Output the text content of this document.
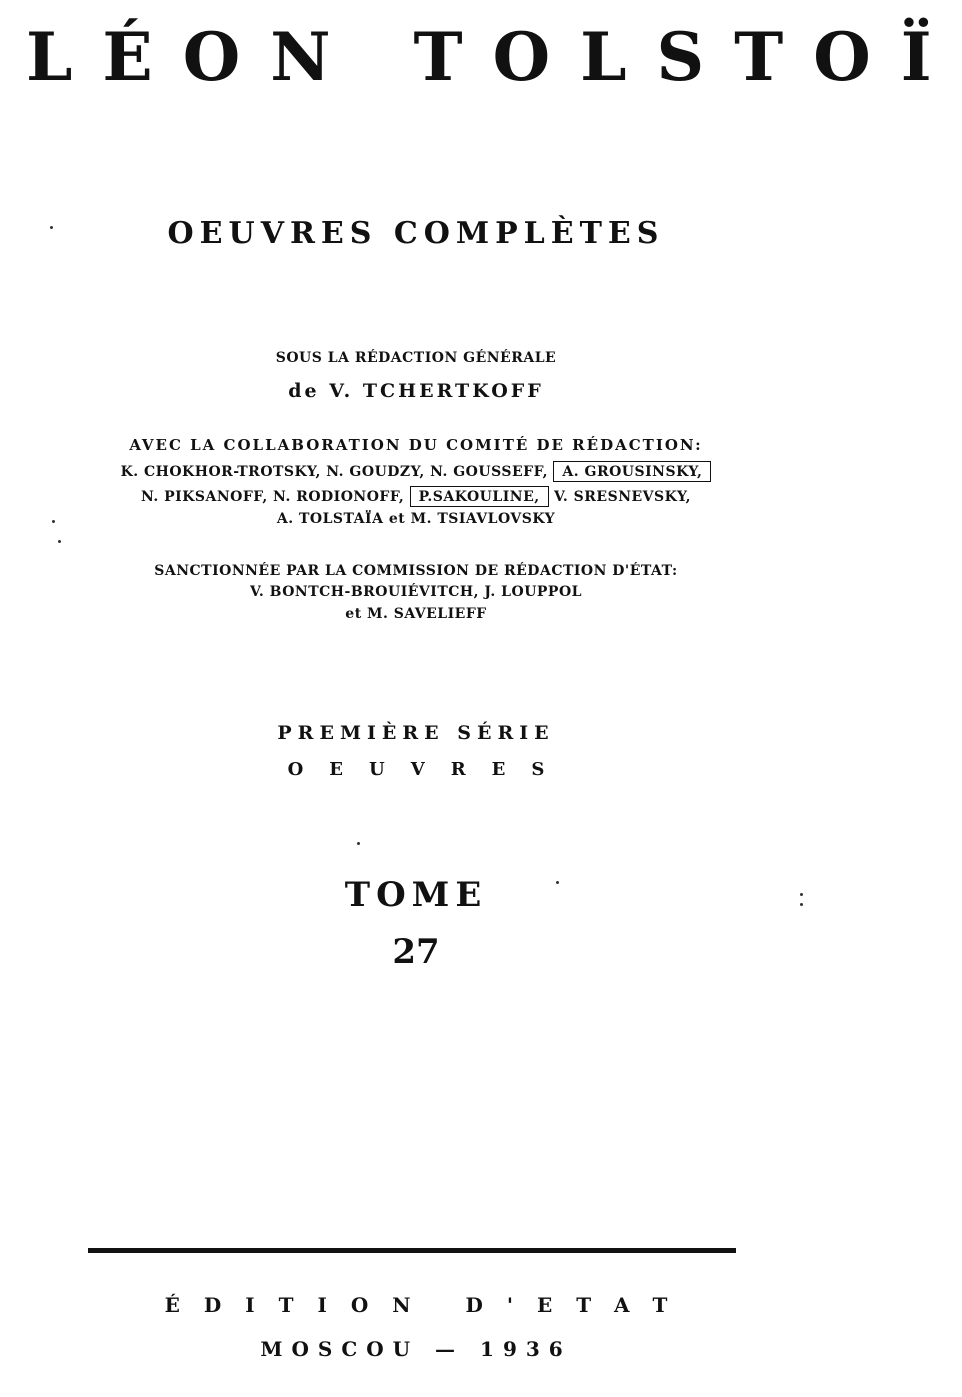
LÉON TOLSTOÏ
OEUVRES COMPLÈTES
SOUS LA RÉDACTION GÉNÉRALE
de V. TCHERTKOFF
AVEC LA COLLABORATION DU COMITÉ DE RÉDACTION:
K. CHOKHOR-TROTSKY, N. GOUDZY, N. GOUSSEFF, A. GROUSINSKY,
N. PIKSANOFF, N. RODIONOFF, P.SAKOULINE, V. SRESNEVSKY,
A. TOLSTAÏA et M. TSIAVLOVSKY
SANCTIONNÉE PAR LA COMMISSION DE RÉDACTION D'ÉTAT:
V. BONTCH-BROUIÉVITCH, J. LOUPPOL
et M. SAVELIEFF
PREMIÈRE SÉRIE
OEUVRES
TOME
27
ÉDITION D'ETAT
MOSCOU — 1936
